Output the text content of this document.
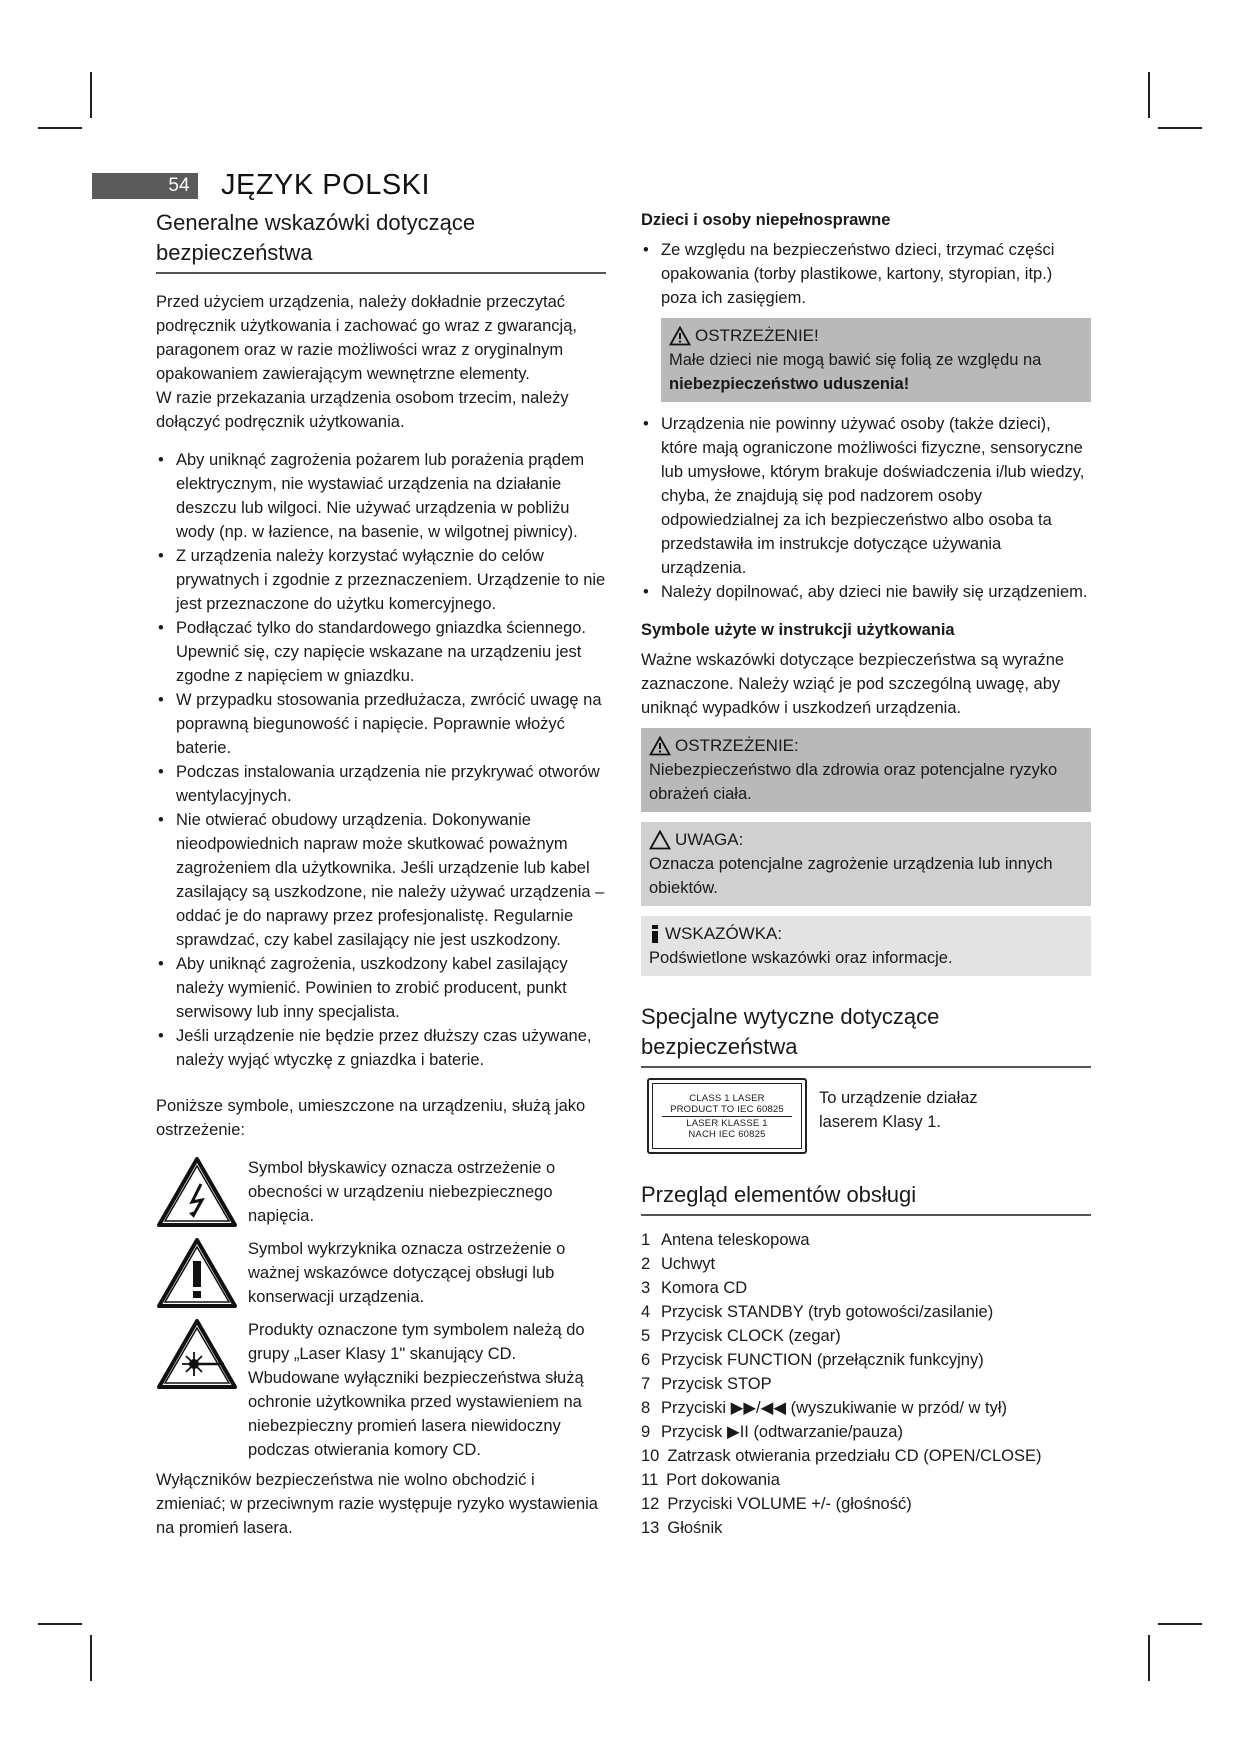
54 JĘZYK POLSKI
Generalne wskazówki dotyczące bezpieczeństwa

Przed użyciem urządzenia, należy dokładnie przeczytać podręcznik użytkowania i zachować go wraz z gwarancją, paragonem oraz w razie możliwości wraz z oryginalnym opakowaniem zawierającym wewnętrzne elementy.

W razie przekazania urządzenia osobom trzecim, należy dołączyć podręcznik użytkowania.

• Aby uniknąć zagrożenia pożarem lub porażenia prądem elektrycznym, nie wystawiać urządzenia na działanie deszczu lub wilgoci. Nie używać urządzenia w pobliżu wody (np. w łazience, na basenie, w wilgotnej piwnicy).
• Z urządzenia należy korzystać wyłącznie do celów prywatnych i zgodnie z przeznaczeniem. Urządzenie to nie jest przeznaczone do użytku komercyjnego.
• Podłączać tylko do standardowego gniazdka ściennego. Upewnić się, czy napięcie wskazane na urządzeniu jest zgodne z napięciem w gniazdku.
• W przypadku stosowania przedłużacza, zwrócić uwagę na poprawną biegunowość i napięcie. Poprawnie włożyć baterie.
• Podczas instalowania urządzenia nie przykrywać otworów wentylacyjnych.
• Nie otwierać obudowy urządzenia. Dokonywanie nieodpowiednich napraw może skutkować poważnym zagrożeniem dla użytkownika. Jeśli urządzenie lub kabel zasilający są uszkodzone, nie należy używać urządzenia – oddać je do naprawy przez profesjonalistę. Regularnie sprawdzać, czy kabel zasilający nie jest uszkodzony.
• Aby uniknąć zagrożenia, uszkodzony kabel zasilający należy wymienić. Powinien to zrobić producent, punkt serwisowy lub inny specjalista.
• Jeśli urządzenie nie będzie przez dłuższy czas używane, należy wyjąć wtyczkę z gniazdka i baterie.

Poniższe symbole, umieszczone na urządzeniu, służą jako ostrzeżenie:

Symbol błyskawicy oznacza ostrzeżenie o obecności w urządzeniu niebezpiecznego napięcia.

Symbol wykrzyknika oznacza ostrzeżenie o ważnej wskazówce dotyczącej obsługi lub konserwacji urządzenia.

Produkty oznaczone tym symbolem należą do grupy „Laser Klasy 1" skanujący CD. Wbudowane wyłączniki bezpieczeństwa służą ochronie użytkownika przed wystawieniem na niebezpieczny promień lasera niewidoczny podczas otwierania komory CD.

Wyłączników bezpieczeństwa nie wolno obchodzić i zmieniać; w przeciwnym razie występuje ryzyko wystawienia na promień lasera.

Dzieci i osoby niepełnosprawne
• Ze względu na bezpieczeństwo dzieci, trzymać części opakowania (torby plastikowe, kartony, styropian, itp.) poza ich zasięgiem.
OSTRZEŻENIE!
Małe dzieci nie mogą bawić się folią ze względu na
niebezpieczeństwo uduszenia!
• Urządzenia nie powinny używać osoby (także dzieci), które mają ograniczone możliwości fizyczne, sensoryczne lub umysłowe, którym brakuje doświadczenia i/lub wiedzy, chyba, że znajdują się pod nadzorem osoby odpowiedzialnej za ich bezpieczeństwo albo osoba ta przedstawiła im instrukcje dotyczące używania urządzenia.
• Należy dopilnować, aby dzieci nie bawiły się urządzeniem.
Symbole użyte w instrukcji użytkowania

Ważne wskazówki dotyczące bezpieczeństwa są wyraźne zaznaczone. Należy wziąć je pod szczególną uwagę, aby uniknąć wypadków i uszkodzeń urządzenia.

OSTRZEŻENIE:
Niebezpieczeństwo dla zdrowia oraz potencjalne ryzyko obrażeń ciała.
UWAGA:
Oznacza potencjalne zagrożenie urządzenia lub innych obiektów.
WSKAZÓWKA:
Podświetlone wskazówki oraz informacje.
Specjalne wytyczne dotyczące bezpieczeństwa
CLASS 1 LASER
PRODUCT TO IEC 60825
LASER KLASSE 1
NACH IEC 60825

To urządzenie działaz laserem Klasy 1.

Przegląd elementów obsługi
1 Antena teleskopowa
2 Uchwyt
3 Komora CD
4 Przycisk STANDBY (tryb gotowości/zasilanie)
5 Przycisk CLOCK (zegar)
6 Przycisk FUNCTION (przełącznik funkcyjny)
7 Przycisk STOP
8 Przyciski ▶▶/◀◀ (wyszukiwanie w przód/ w tył)
9 Przycisk ▶II (odtwarzanie/pauza)
10 Zatrzask otwierania przedziału CD (OPEN/CLOSE)
11 Port dokowania
12 Przyciski VOLUME +/- (głośność)
13 Głośnik
